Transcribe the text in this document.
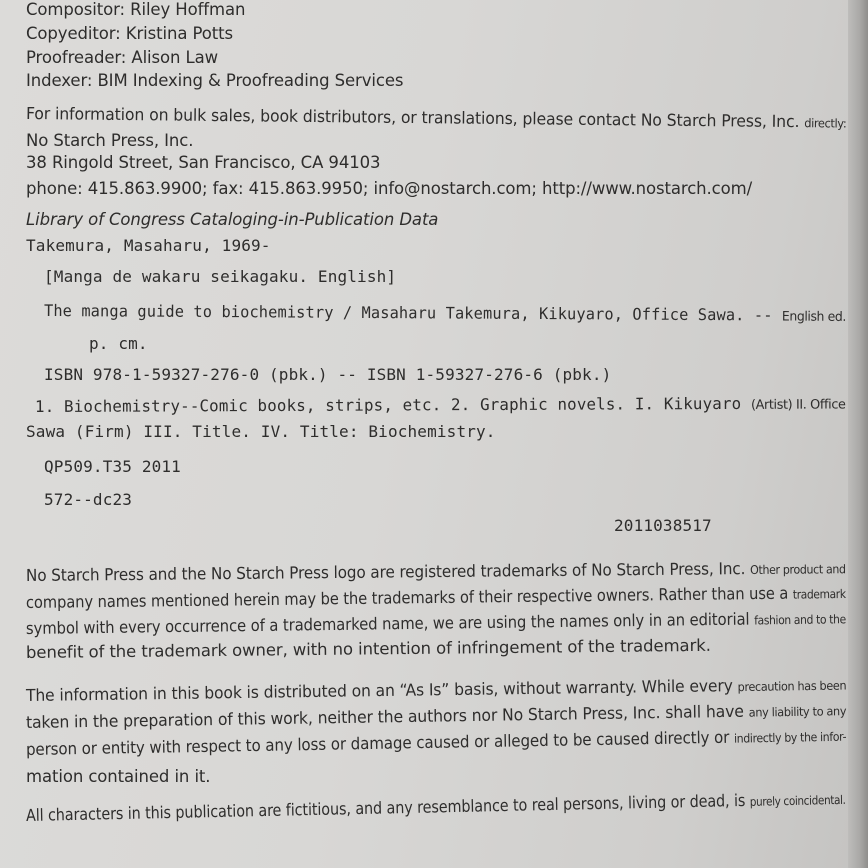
Compositor: Riley Hoffman
Copyeditor: Kristina Potts
Proofreader: Alison Law
Indexer: BIM Indexing & Proofreading Services
For information on bulk sales, book distributors, or translations, please contact No Starch Press, Inc. directly:
No Starch Press, Inc.
38 Ringold Street, San Francisco, CA 94103
phone: 415.863.9900; fax: 415.863.9950; info@nostarch.com; http://www.nostarch.com/
Library of Congress Cataloging-in-Publication Data
Takemura, Masaharu, 1969-
[Manga de wakaru seikagaku. English]
The manga guide to biochemistry / Masaharu Takemura, Kikuyaro, Office Sawa. -- English ed.
p. cm.
ISBN 978-1-59327-276-0 (pbk.) -- ISBN 1-59327-276-6 (pbk.)
1. Biochemistry--Comic books, strips, etc. 2. Graphic novels. I. Kikuyaro (Artist) II. Office
Sawa (Firm) III. Title. IV. Title: Biochemistry.
QP509.T35 2011
572--dc23
2011038517
No Starch Press and the No Starch Press logo are registered trademarks of No Starch Press, Inc. Other product and
company names mentioned herein may be the trademarks of their respective owners. Rather than use a trademark
symbol with every occurrence of a trademarked name, we are using the names only in an editorial fashion and to the
benefit of the trademark owner, with no intention of infringement of the trademark.
The information in this book is distributed on an “As Is” basis, without warranty. While every precaution has been
taken in the preparation of this work, neither the authors nor No Starch Press, Inc. shall have any liability to any
person or entity with respect to any loss or damage caused or alleged to be caused directly or indirectly by the infor-
mation contained in it.
All characters in this publication are fictitious, and any resemblance to real persons, living or dead, is purely coincidental.
